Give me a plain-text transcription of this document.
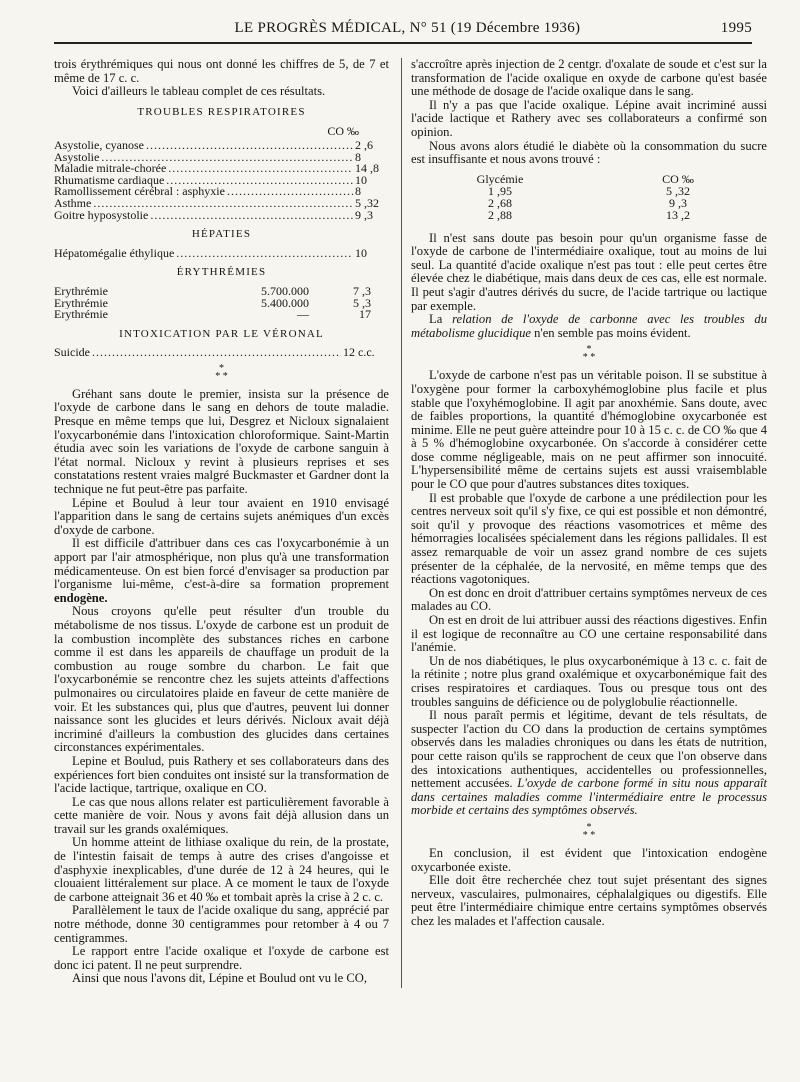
LE PROGRÈS MÉDICAL, N° 51 (19 Décembre 1936)	1995

trois érythrémiques qui nous ont donné les chiffres de 5, de 7 et même de 17 c. c.

Voici d'ailleurs le tableau complet de ces résultats.

TROUBLES RESPIRATOIRES
CO ‰
Asystolie, cyanose .....	2 ,6
Asystolie .....	8
Maladie mitrale-chorée .....	14 ,8
Rhumatisme cardiaque .....	10
Ramollissement cérébral : asphyxie .....	8
Asthme .....	5 ,32
Goitre hyposystolie .....	9 ,3
HÉPATIES
Hépatomégalie éthylique .....	10
ÉRYTHRÉMIES
Erythrémie	5.700.000	7 ,3
Erythrémie	5.400.000	5 ,3
Erythrémie	—	17
INTOXICATION PAR LE VÉRONAL
Suicide .....	12 c.c.
*
* *

Gréhant sans doute le premier, insista sur la présence de l'oxyde de carbone dans le sang en dehors de toute maladie. Presque en même temps que lui, Desgrez et Nicloux signalaient l'oxycarbonémie dans l'intoxication chloroformique. Saint-Martin étudia avec soin les variations de l'oxyde de carbone sanguin à l'état normal. Nicloux y revint à plusieurs reprises et ses constatations restent vraies malgré Buckmaster et Gardner dont la technique ne fut peut-être pas parfaite.

Lépine et Boulud à leur tour avaient en 1910 envisagé l'apparition dans le sang de certains sujets anémiques d'un excès d'oxyde de carbone.

Il est difficile d'attribuer dans ces cas l'oxycarbonémie à un apport par l'air atmosphérique, non plus qu'à une transformation médicamenteuse. On est bien forcé d'envisager sa production par l'organisme lui-même, c'est-à-dire sa formation proprement endogène.

Nous croyons qu'elle peut résulter d'un trouble du métabolisme de nos tissus. L'oxyde de carbone est un produit de la combustion incomplète des substances riches en carbone comme il est dans les appareils de chauffage un produit de la combustion au rouge sombre du charbon. Le fait que l'oxycarbonémie se rencontre chez les sujets atteints d'affections pulmonaires ou circulatoires plaide en faveur de cette manière de voir. Et les substances qui, plus que d'autres, peuvent lui donner naissance sont les glucides et leurs dérivés. Nicloux avait déjà incriminé d'ailleurs la combustion des glucides dans certaines circonstances expérimentales.

Lepine et Boulud, puis Rathery et ses collaborateurs dans des expériences fort bien conduites ont insisté sur la transformation de l'acide lactique, tartrique, oxalique en CO.

Le cas que nous allons relater est particulièrement favorable à cette manière de voir. Nous y avons fait déjà allusion dans un travail sur les grands oxalémiques.

Un homme atteint de lithiase oxalique du rein, de la prostate, de l'intestin faisait de temps à autre des crises d'angoisse et d'asphyxie inexplicables, d'une durée de 12 à 24 heures, qui le clouaient littéralement sur place. A ce moment le taux de l'oxyde de carbone atteignait 36 et 40 ‰ et tombait après la crise à 2 c. c.

Parallèlement le taux de l'acide oxalique du sang, apprécié par notre méthode, donne 30 centigrammes pour retomber à 4 ou 7 centigrammes.

Le rapport entre l'acide oxalique et l'oxyde de carbone est donc ici patent. Il ne peut surprendre.

Ainsi que nous l'avons dit, Lépine et Boulud ont vu le CO,

s'accroître après injection de 2 centgr. d'oxalate de soude et c'est sur la transformation de l'acide oxalique en oxyde de carbone qu'est basée une méthode de dosage de l'acide oxalique dans le sang.

Il n'y a pas que l'acide oxalique. Lépine avait incriminé aussi l'acide lactique et Rathery avec ses collaborateurs a confirmé son opinion.

Nous avons alors étudié le diabète où la consommation du sucre est insuffisante et nous avons trouvé :

Glycémie	CO ‰
1 ,95	5 ,32
2 ,68	9 ,3
2 ,88	13 ,2

Il n'est sans doute pas besoin pour qu'un organisme fasse de l'oxyde de carbone de l'intermédiaire oxalique, tout au moins de lui seul. La quantité d'acide oxalique n'est pas tout : elle peut certes être élevée chez le diabétique, mais dans deux de ces cas, elle est normale. Il peut s'agir d'autres dérivés du sucre, de l'acide tartrique ou lactique par exemple.

La relation de l'oxyde de carbonne avec les troubles du métabolisme glucidique n'en semble pas moins évident.

*
* *

L'oxyde de carbone n'est pas un véritable poison. Il se substitue à l'oxygène pour former la carboxyhémoglobine plus facile et plus stable que l'oxyhémoglobine. Il agit par anoxhémie. Sans doute, avec de faibles proportions, la quantité d'hémoglobine oxycarbonée est minime. Elle ne peut guère atteindre pour 10 à 15 c. c. de CO ‰ que 4 à 5 % d'hémoglobine oxycarbonée. On s'accorde à considérer cette dose comme négligeable, mais on ne peut affirmer son innocuité. L'hypersensibilité même de certains sujets est aussi vraisemblable pour le CO que pour d'autres substances dites toxiques.

Il est probable que l'oxyde de carbone a une prédilection pour les centres nerveux soit qu'il s'y fixe, ce qui est possible et non démontré, soit qu'il y provoque des réactions vasomotrices et même des hémorragies localisées spécialement dans les régions pallidales. Il est assez remarquable de voir un assez grand nombre de ces sujets présenter de la céphalée, de la nervosité, en même temps que des réactions vagotoniques.

On est donc en droit d'attribuer certains symptômes nerveux de ces malades au CO.

On est en droit de lui attribuer aussi des réactions digestives. Enfin il est logique de reconnaître au CO une certaine responsabilité dans l'anémie.

Un de nos diabétiques, le plus oxycarbonémique à 13 c. c. fait de la rétinite ; notre plus grand oxalémique et oxycarbonémique fait des crises respiratoires et cardiaques. Tous ou presque tous ont des troubles sanguins de déficience ou de polyglobulie réactionnelle.

Il nous paraît permis et légitime, devant de tels résultats, de suspecter l'action du CO dans la production de certains symptômes observés dans les maladies chroniques ou dans les états de nutrition, pour cette raison qu'ils se rapprochent de ceux que l'on observe dans des intoxications authentiques, accidentelles ou professionnelles, nettement accusées. L'oxyde de carbone formé in situ nous apparaît dans certaines maladies comme l'intermédiaire entre le processus morbide et certains des symptômes observés.

*
* *

En conclusion, il est évident que l'intoxication endogène oxycarbonée existe.

Elle doit être recherchée chez tout sujet présentant des signes nerveux, vasculaires, pulmonaires, céphalalgiques ou digestifs. Elle peut être l'intermédiaire chimique entre certains symptômes observés chez les malades et l'affection causale.
